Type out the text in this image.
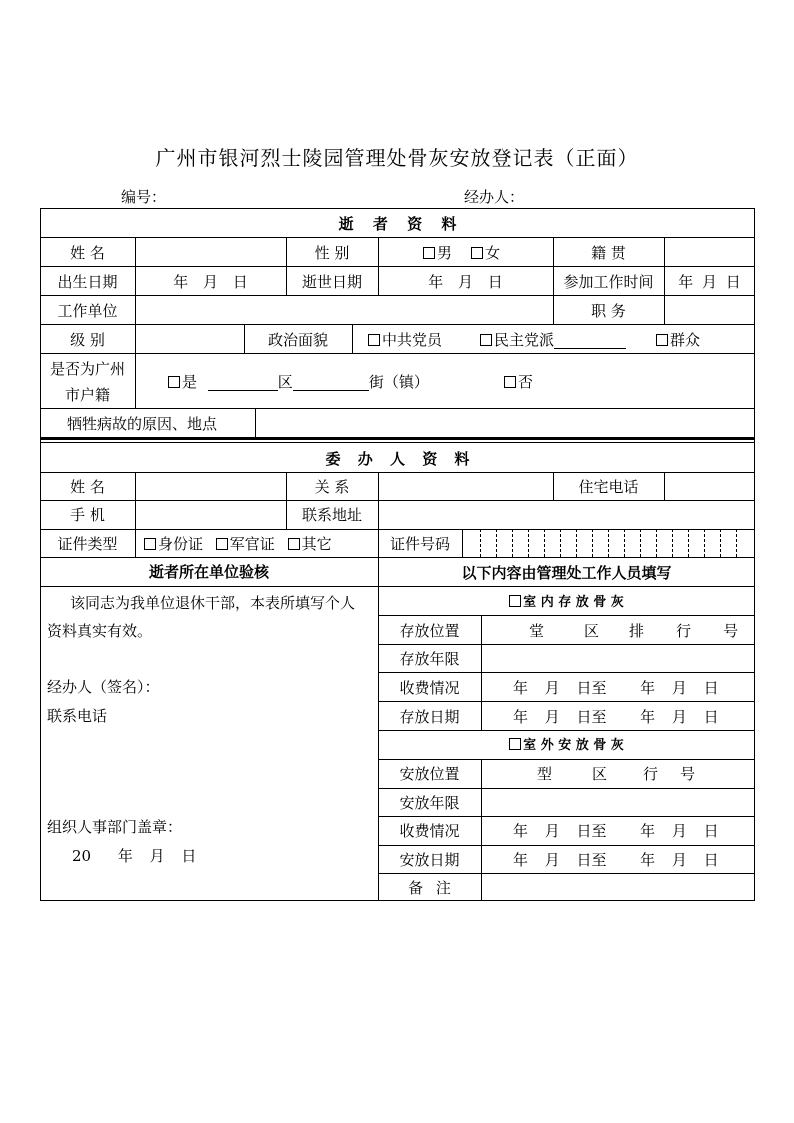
广州市银河烈士陵园管理处骨灰安放登记表（正面）
编号：	经办人：
逝 者 资 料
姓 名	性 别	男 女	籍 贯
出生日期	年 月 日	逝世日期	年 月 日	参加工作时间	年 月 日
工作单位	职 务
级 别	政治面貌	中共党员	民主党派	群众
是否为广州
市户籍
是	区	街（镇）	否
牺牲病故的原因、地点
委 办 人 资 料
姓 名	关 系	住宅电话
手 机	联系地址
证件类型	身份证 军官证 其它	证件号码
逝者所在单位验核
该同志为我单位退休干部，本表所填写个人
资料真实有效。
经办人（签名）：
联系电话
组织人事部门盖章：
20 年 月 日
以下内容由管理处工作人员填写
室 内 存 放 骨 灰
存放位置	堂	区 排 行 号
存放年限
收费情况	年 月 日至 年 月 日
存放日期	年 月 日至 年 月 日
室 外 安 放 骨 灰
安放位置	型	区 行 号
安放年限
收费情况	年 月 日至 年 月 日
安放日期	年 月 日至 年 月 日
备 注
